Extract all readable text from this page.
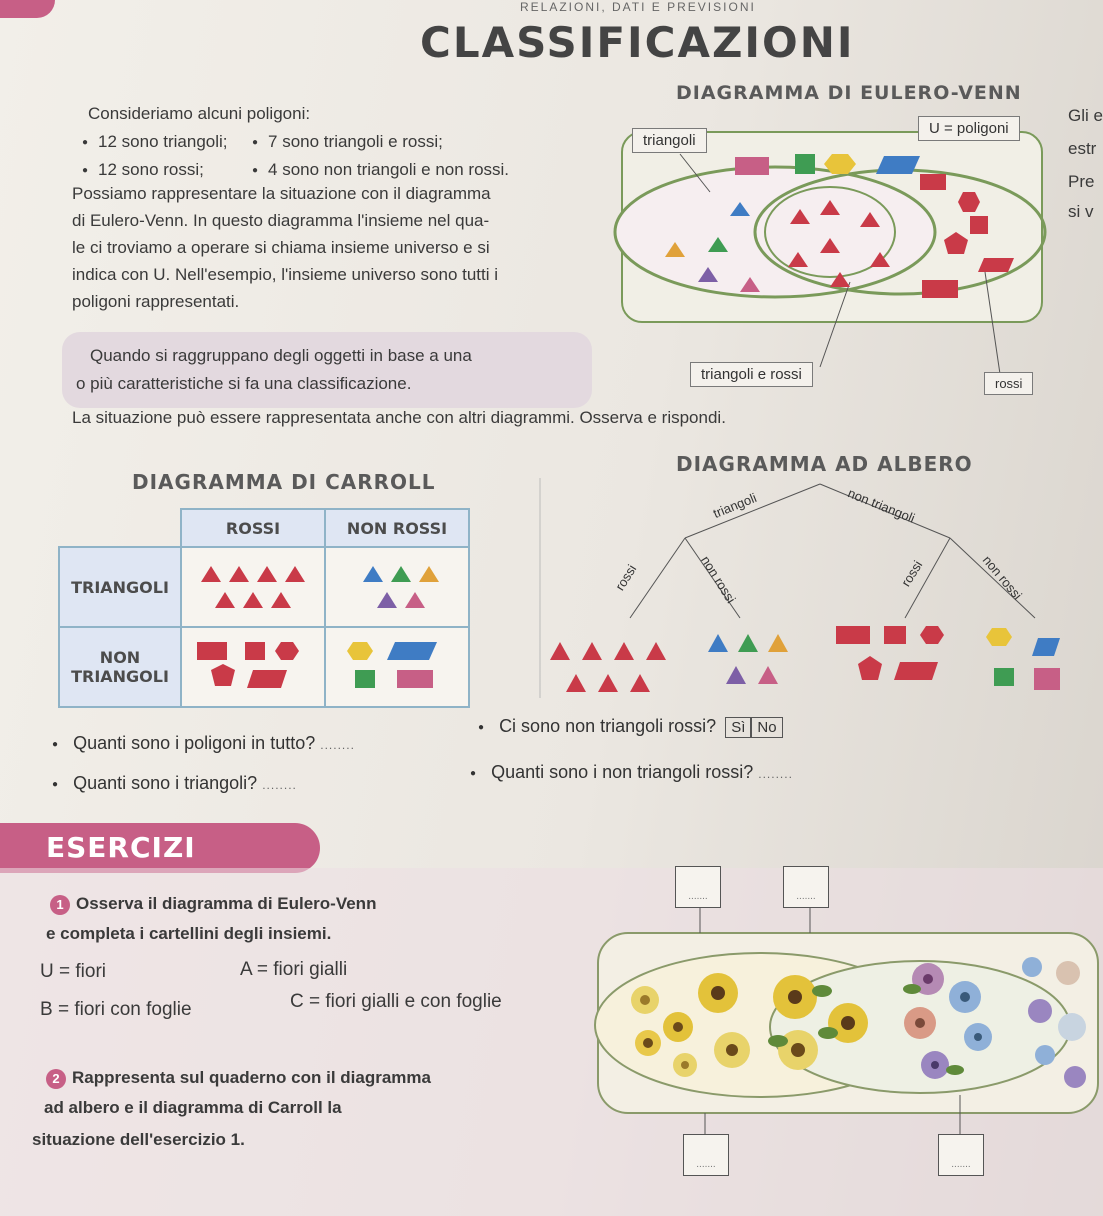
RELAZIONI, DATI E PREVISIONI
CLASSIFICAZIONI
Gli e
estr
Pre
si v
Consideriamo alcuni poligoni:
● 12 sono triangoli;	● 7 sono triangoli e rossi;
● 12 sono rossi;	● 4 sono non triangoli e non rossi.
Possiamo rappresentare la situazione con il diagramma
di Eulero-Venn. In questo diagramma l'insieme nel qua-
le ci troviamo a operare si chiama insieme universo e si
indica con U. Nell'esempio, l'insieme universo sono tutti i
poligoni rappresentati.
Quando si raggruppano degli oggetti in base a una
o più caratteristiche si fa una classificazione.
DIAGRAMMA DI EULERO-VENN
triangoli
U = poligoni
triangoli e rossi
rossi
La situazione può essere rappresentata anche con altri diagrammi. Osserva e rispondi.
DIAGRAMMA DI CARROLL
	ROSSI	NON ROSSI
TRIANGOLI		
NON TRIANGOLI		
DIAGRAMMA AD ALBERO
triangoli	non triangoli
rossi	non rossi	rossi	non rossi
● Quanti sono i poligoni in tutto? ........
● Ci sono non triangoli rossi? Sì No
● Quanti sono i triangoli? ........
● Quanti sono i non triangoli rossi? ........
ESERCIZI
1 Osserva il diagramma di Eulero-Venn
e completa i cartellini degli insiemi.
U = fiori	A = fiori gialli
B = fiori con foglie	C = fiori gialli e con foglie
2 Rappresenta sul quaderno con il diagramma
ad albero e il diagramma di Carroll la
situazione dell'esercizio 1.
.......	.......
.......	.......
